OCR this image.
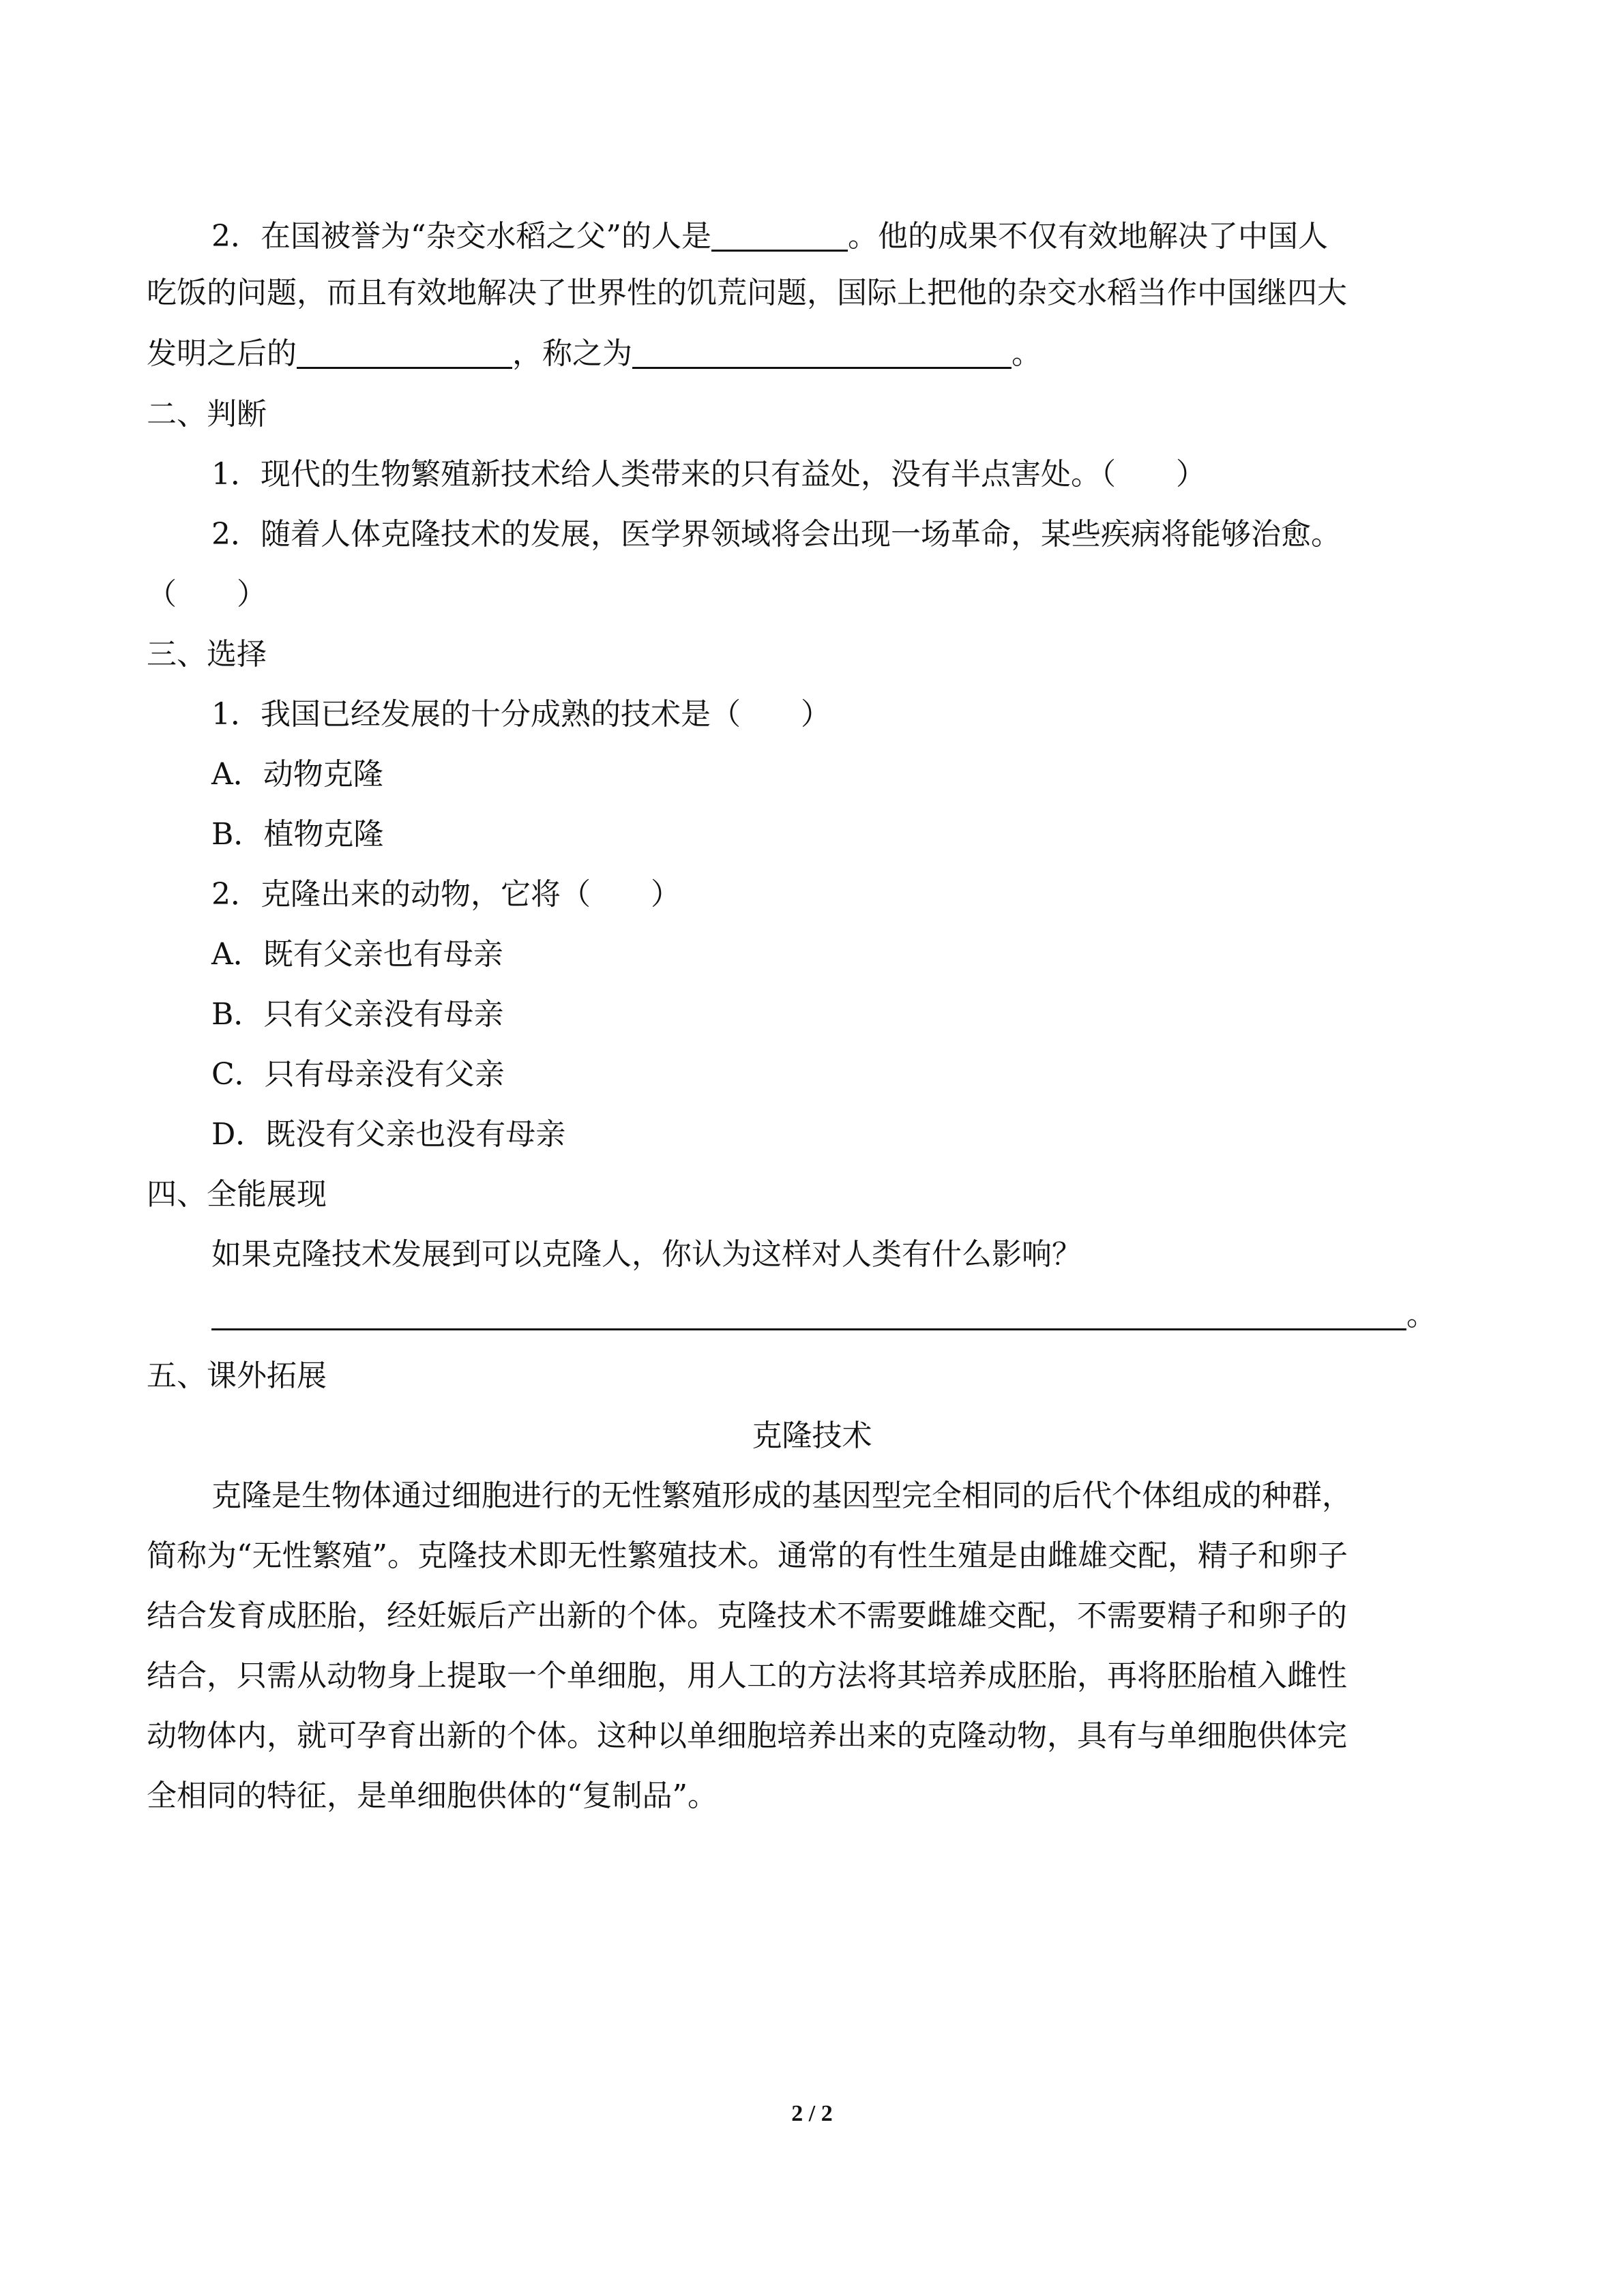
2．在国被誉为“杂交水稻之父”的人是	。他的成果不仅有效地解决了中国人
吃饭的问题，而且有效地解决了世界性的饥荒问题，国际上把他的杂交水稻当作中国继四大
发明之后的	，称之为	。
二、判断
1．现代的生物繁殖新技术给人类带来的只有益处，没有半点害处。（　　）
2．随着人体克隆技术的发展，医学界领域将会出现一场革命，某些疾病将能够治愈。
（　　）
三、选择
1．我国已经发展的十分成熟的技术是（　　）
A．动物克隆
B．植物克隆
2．克隆出来的动物，它将（　　）
A．既有父亲也有母亲
B．只有父亲没有母亲
C．只有母亲没有父亲
D．既没有父亲也没有母亲
四、全能展现
如果克隆技术发展到可以克隆人，你认为这样对人类有什么影响？
。
五、课外拓展
克隆技术
克隆是生物体通过细胞进行的无性繁殖形成的基因型完全相同的后代个体组成的种群，
简称为“无性繁殖”。克隆技术即无性繁殖技术。通常的有性生殖是由雌雄交配，精子和卵子
结合发育成胚胎，经妊娠后产出新的个体。克隆技术不需要雌雄交配，不需要精子和卵子的
结合，只需从动物身上提取一个单细胞，用人工的方法将其培养成胚胎，再将胚胎植入雌性
动物体内，就可孕育出新的个体。这种以单细胞培养出来的克隆动物，具有与单细胞供体完
全相同的特征，是单细胞供体的“复制品”。
2 / 2
